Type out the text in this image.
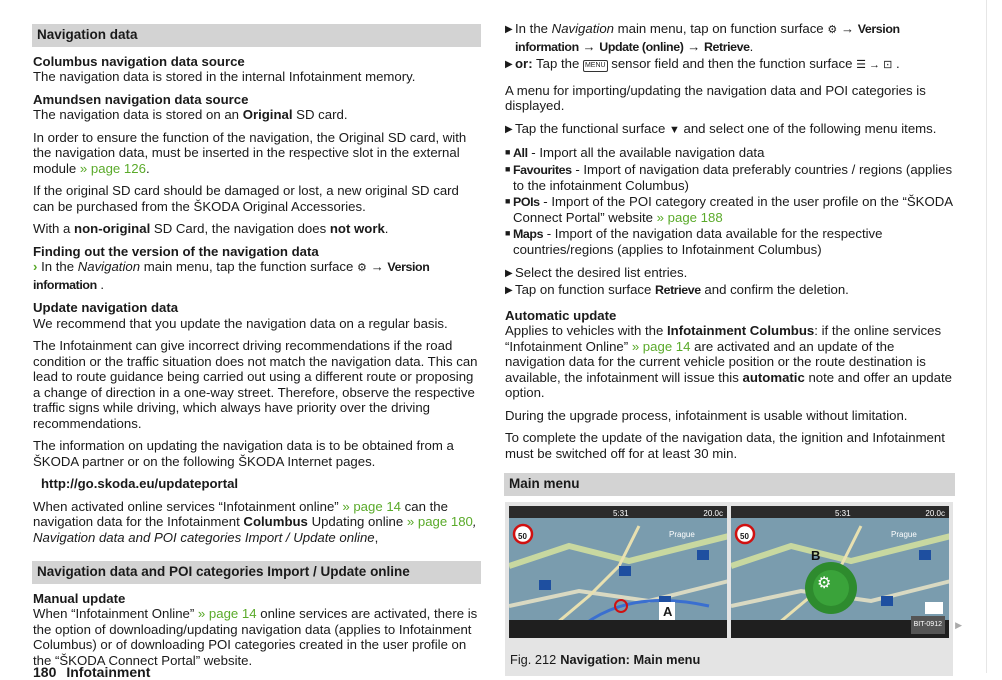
Navigation data

Columbus navigation data source
The navigation data is stored in the internal Infotainment memory.

Amundsen navigation data source
The navigation data is stored on an Original SD card.

In order to ensure the function of the navigation, the Original SD card, with the navigation data, must be inserted in the respective slot in the external module » page 126.

If the original SD card should be damaged or lost, a new original SD card can be purchased from the ŠKODA Original Accessories.

With a non-original SD Card, the navigation does not work.

Finding out the version of the navigation data
› In the Navigation main menu, tap the function surface ⚙ → Version information .

Update navigation data
We recommend that you update the navigation data on a regular basis.

The Infotainment can give incorrect driving recommendations if the road condition or the traffic situation does not match the navigation data. This can lead to route guidance being carried out using a different route or proposing a change of direction in a one-way street. Therefore, observe the respective traffic signs while driving, which always have priority over the driving recommendations.

The information on updating the navigation data is to be obtained from a ŠKODA partner or on the following ŠKODA Internet pages.

http://go.skoda.eu/updateportal

When activated online services “Infotainment online” » page 14 can the navigation data for the Infotainment Columbus Updating online » page 180, Navigation data and POI categories Import / Update online,

Navigation data and POI categories Import / Update online

Manual update
When “Infotainment Online” » page 14 online services are activated, there is the option of downloading/updating navigation data (applies to Infotainment Columbus) or of downloading POI categories created in the user profile on the “ŠKODA Connect Portal” website.

▶ In the Navigation main menu, tap on function surface ⚙ → Version information → Update (online) → Retrieve.
▶ or: Tap the MENU sensor field and then the function surface ☰ → ⊡ .

A menu for importing/updating the navigation data and POI categories is displayed.

▶ Tap the functional surface ▼ and select one of the following menu items.
■ All - Import all the available navigation data
■ Favourites - Import of navigation data preferably countries / regions (applies to the infotainment Columbus)
■ POIs - Import of the POI category created in the user profile on the “ŠKODA Connect Portal” website » page 188
■ Maps - Import of the navigation data available for the respective countries/regions (applies to Infotainment Columbus)
▶ Select the desired list entries.
▶ Tap on function surface Retrieve and confirm the deletion.

Automatic update
Applies to vehicles with the Infotainment Columbus: if the online services “Infotainment Online” » page 14 are activated and an update of the navigation data for the current vehicle position or the route destination is available, the infotainment will issue this automatic note and offer an update option.

During the upgrade process, infotainment is usable without limitation.

To complete the update of the navigation data, the ignition and Infotainment must be switched off for at least 30 min.

Main menu
5:31	20.0c
Prague
50
A
5:31	20.0c
Prague
50
B
⚙
BIT-0912
Fig. 212 Navigation: Main menu
▶
180 Infotainment
